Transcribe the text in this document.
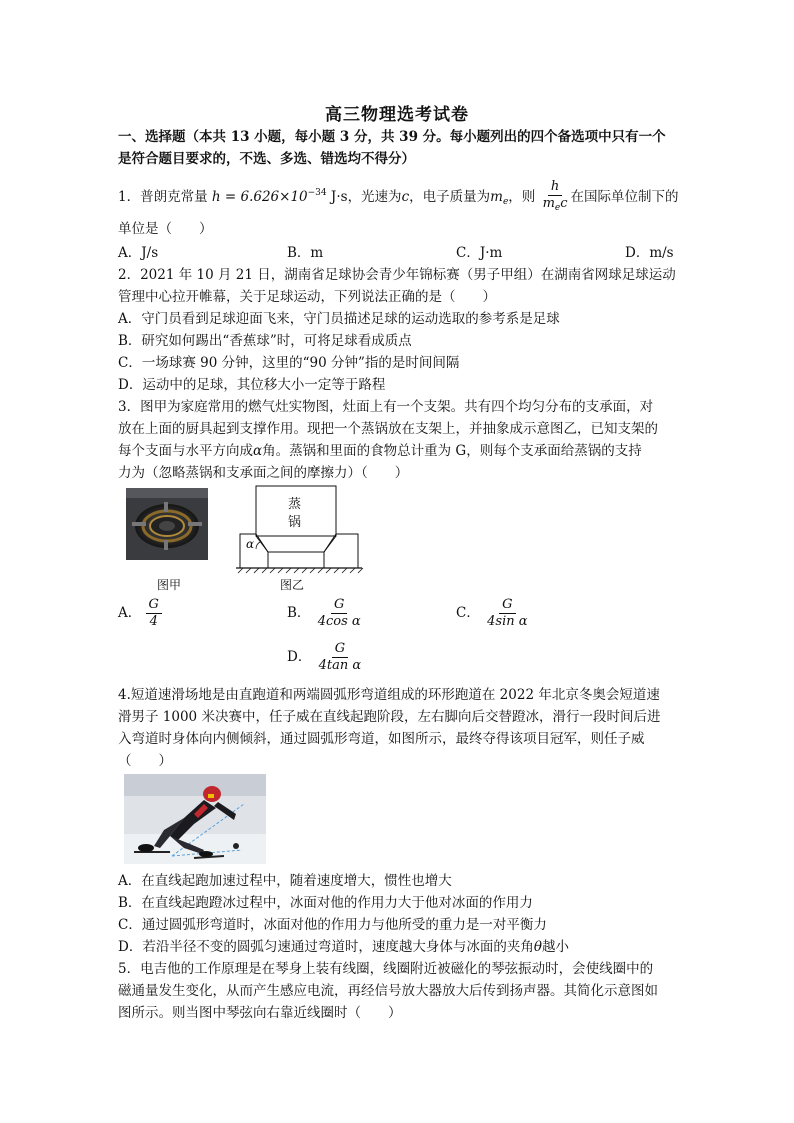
高三物理选考试卷
一、选择题（本共 13 小题，每小题 3 分，共 39 分。每小题列出的四个备选项中只有一个
是符合题目要求的，不选、多选、错选均不得分）
1．普朗克常量 $h = 6.626\times 10^{-34}$ J·s，光速为c，电子质量为$m_e$，则 $\frac{h}{m_ec}$ 在国际单位制下的
单位是（　　）
A．J/s	B．m	C．J·m	D．m/s
2．2021 年 10 月 21 日，湖南省足球协会青少年锦标赛（男子甲组）在湖南省网球足球运动
管理中心拉开帷幕，关于足球运动，下列说法正确的是（　　）
A．守门员看到足球迎面飞来，守门员描述足球的运动选取的参考系是足球
B．研究如何踢出“香蕉球”时，可将足球看成质点
C．一场球赛 90 分钟，这里的“90 分钟”指的是时间间隔
D．运动中的足球，其位移大小一定等于路程
3．图甲为家庭常用的燃气灶实物图，灶面上有一个支架。共有四个均匀分布的支承面，对
放在上面的厨具起到支撑作用。现把一个蒸锅放在支架上，并抽象成示意图乙，已知支架的
每个支面与水平方向成α角。蒸锅和里面的食物总计重为 G，则每个支承面给蒸锅的支持
力为（忽略蒸锅和支承面之间的摩擦力）（　　）
图甲
蒸
锅
α
图乙
A． $\frac{G}{4}$	B． $\frac{G}{\text{4cos α}}$	C． $\frac{G}{\text{4sin α}}$
D． $\frac{G}{\text{4tan α}}$
4.短道速滑场地是由直跑道和两端圆弧形弯道组成的环形跑道在 2022 年北京冬奥会短道速
滑男子 1000 米决赛中，任子威在直线起跑阶段，左右脚向后交替蹬冰，滑行一段时间后进
入弯道时身体向内侧倾斜，通过圆弧形弯道，如图所示，最终夺得该项目冠军，则任子威
（　　）
A．在直线起跑加速过程中，随着速度增大，惯性也增大
B．在直线起跑蹬冰过程中，冰面对他的作用力大于他对冰面的作用力
C．通过圆弧形弯道时，冰面对他的作用力与他所受的重力是一对平衡力
D．若沿半径不变的圆弧匀速通过弯道时，速度越大身体与冰面的夹角θ越小
5．电吉他的工作原理是在琴身上装有线圈，线圈附近被磁化的琴弦振动时，会使线圈中的
磁通量发生变化，从而产生感应电流，再经信号放大器放大后传到扬声器。其简化示意图如
图所示。则当图中琴弦向右靠近线圈时（　　）
